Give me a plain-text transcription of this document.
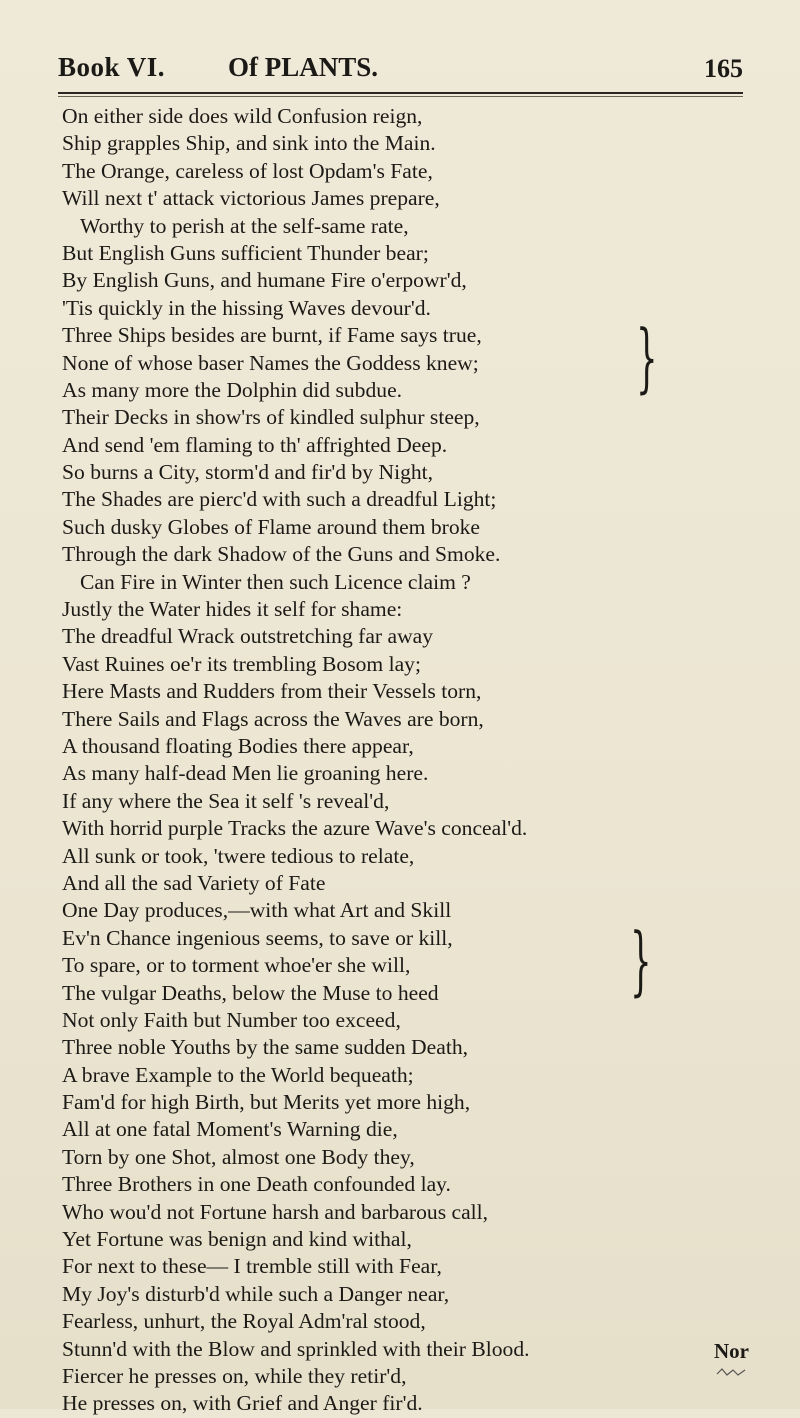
Book VI. Of PLANTS.	165
On either side does wild Confusion reign,
Ship grapples Ship, and sink into the Main.
The Orange, careless of lost Opdam's Fate,
Will next t' attack victorious James prepare,
Worthy to perish at the self-same rate,
But English Guns sufficient Thunder bear;
By English Guns, and humane Fire o'erpowr'd,
'Tis quickly in the hissing Waves devour'd.
Three Ships besides are burnt, if Fame says true,
None of whose baser Names the Goddess knew;
As many more the Dolphin did subdue.
Their Decks in show'rs of kindled sulphur steep,
And send 'em flaming to th' affrighted Deep.
So burns a City, storm'd and fir'd by Night,
The Shades are pierc'd with such a dreadful Light;
Such dusky Globes of Flame around them broke
Through the dark Shadow of the Guns and Smoke.
Can Fire in Winter then such Licence claim ?
Justly the Water hides it self for shame:
The dreadful Wrack outstretching far away
Vast Ruines oe'r its trembling Bosom lay;
Here Masts and Rudders from their Vessels torn,
There Sails and Flags across the Waves are born,
A thousand floating Bodies there appear,
As many half-dead Men lie groaning here.
If any where the Sea it self 's reveal'd,
With horrid purple Tracks the azure Wave's conceal'd.
All sunk or took, 'twere tedious to relate,
And all the sad Variety of Fate
One Day produces,—with what Art and Skill
Ev'n Chance ingenious seems, to save or kill,
To spare, or to torment whoe'er she will,
The vulgar Deaths, below the Muse to heed
Not only Faith but Number too exceed,
Three noble Youths by the same sudden Death,
A brave Example to the World bequeath;
Fam'd for high Birth, but Merits yet more high,
All at one fatal Moment's Warning die,
Torn by one Shot, almost one Body they,
Three Brothers in one Death confounded lay.
Who wou'd not Fortune harsh and barbarous call,
Yet Fortune was benign and kind withal,
For next to these— I tremble still with Fear,
My Joy's disturb'd while such a Danger near,
Fearless, unhurt, the Royal Adm'ral stood,
Stunn'd with the Blow and sprinkled with their Blood.
Fiercer he presses on, while they retir'd,
He presses on, with Grief and Anger fir'd.
}
}
Nor
